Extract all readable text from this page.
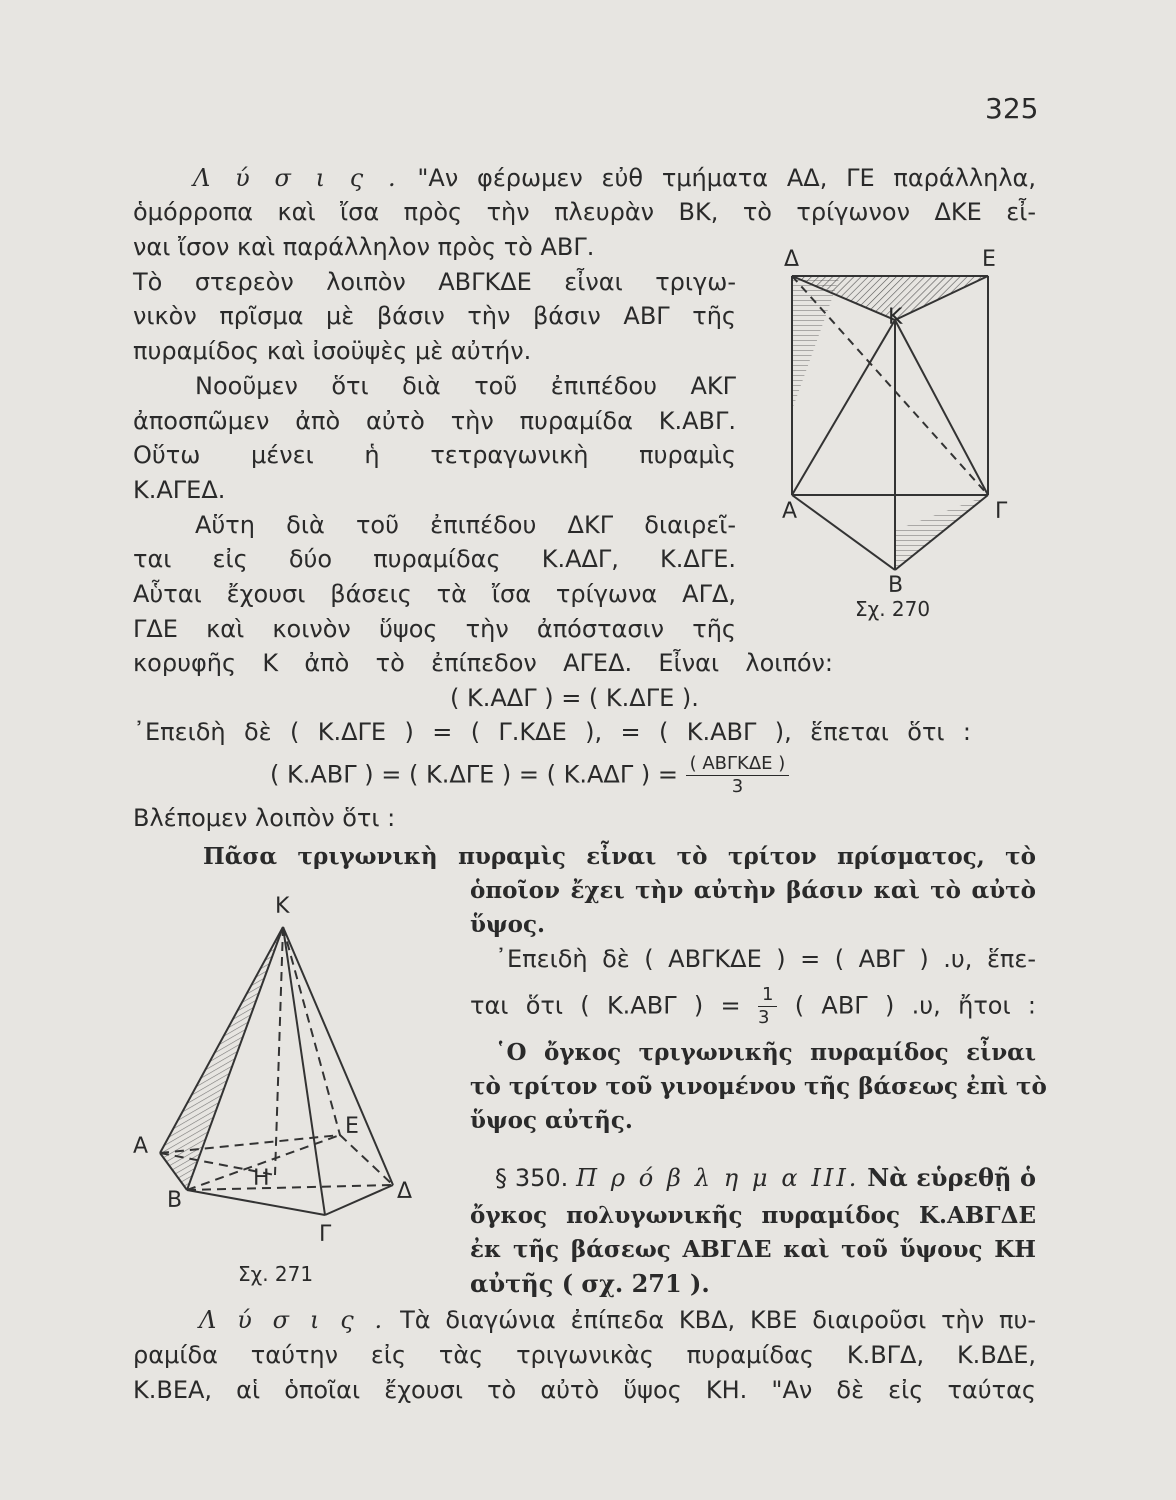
325
Λ ύ σ ι ς . "Αν φέρωμεν εὐθ τμήματα ΑΔ, ΓΕ παράλληλα,
ὁμόρροπα καὶ ἴσα πρὸς τὴν πλευρὰν ΒΚ, τὸ τρίγωνον ΔΚΕ εἶ-
ναι ἴσον καὶ παράλληλον πρὸς τὸ ΑΒΓ.
Τὸ στερεὸν λοιπὸν ΑΒΓΚΔΕ εἶναι τριγω-
νικὸν πρῖσμα μὲ βάσιν τὴν βάσιν ΑΒΓ τῆς
πυραμίδος καὶ ἰσοϋψὲς μὲ αὐτήν.
Νοοῦμεν ὅτι διὰ τοῦ ἐπιπέδου ΑΚΓ
ἀποσπῶμεν ἀπὸ αὐτὸ τὴν πυραμίδα Κ.ΑΒΓ.
Οὕτω μένει ἡ τετραγωνικὴ πυραμὶς
Κ.ΑΓΕΔ.
Αὕτη διὰ τοῦ ἐπιπέδου ΔΚΓ διαιρεῖ-
ται εἰς δύο πυραμίδας Κ.ΑΔΓ, Κ.ΔΓΕ.
Αὗται ἔχουσι βάσεις τὰ ἴσα τρίγωνα ΑΓΔ,
ΓΔΕ καὶ κοινὸν ὕψος τὴν ἀπόστασιν τῆς
κορυφῆς Κ ἀπὸ τὸ ἐπίπεδον ΑΓΕΔ. Εἶναι λοιπόν:
( Κ.ΑΔΓ ) = ( Κ.ΔΓΕ ).
᾿Επειδὴ δὲ ( Κ.ΔΓΕ ) = ( Γ.ΚΔΕ ), = ( Κ.ΑΒΓ ), ἕπεται ὅτι :
( Κ.ΑΒΓ ) = ( Κ.ΔΓΕ ) = ( Κ.ΑΔΓ ) = $\frac{\text{( ΑΒΓΚΔΕ )}}{3}$
Βλέπομεν λοιπὸν ὅτι :
Πᾶσα τριγωνικὴ πυραμὶς εἶναι τὸ τρίτον πρίσματος, τὸ
ὁποῖον ἔχει τὴν αὐτὴν βάσιν καὶ τὸ αὐτὸ
ὕψος.
᾿Επειδὴ δὲ ( ΑΒΓΚΔΕ ) = ( ΑΒΓ ) .υ, ἕπε-
ται ὅτι ( Κ.ΑΒΓ ) = $\frac{1}{3}$ ( ΑΒΓ ) .υ, ἤτοι :
῾Ο ὄγκος τριγωνικῆς πυραμίδος εἶναι
τὸ τρίτον τοῦ γινομένου τῆς βάσεως ἐπὶ τὸ
ὕψος αὐτῆς.
§ 350. Π ρ ό β λ η μ α ΙΙΙ. Νὰ εὑρεθῇ ὁ
ὄγκος πολυγωνικῆς πυραμίδος Κ.ΑΒΓΔΕ
ἐκ τῆς βάσεως ΑΒΓΔΕ καὶ τοῦ ὕψους ΚΗ
αὐτῆς ( σχ. 271 ).
Λ ύ σ ι ς . Τὰ διαγώνια ἐπίπεδα ΚΒΔ, ΚΒΕ διαιροῦσι τὴν πυ-
ραμίδα ταύτην εἰς τὰς τριγωνικὰς πυραμίδας Κ.ΒΓΔ, Κ.ΒΔΕ,
Κ.ΒΕΑ, αἱ ὁποῖαι ἔχουσι τὸ αὐτὸ ὕψος ΚΗ. "Αν δὲ εἰς ταύτας
Δ	Ε
Κ
Α	Γ
Β
Σχ. 270
Κ
Α
Ε
Η
Δ
Β
Γ
Σχ. 271
